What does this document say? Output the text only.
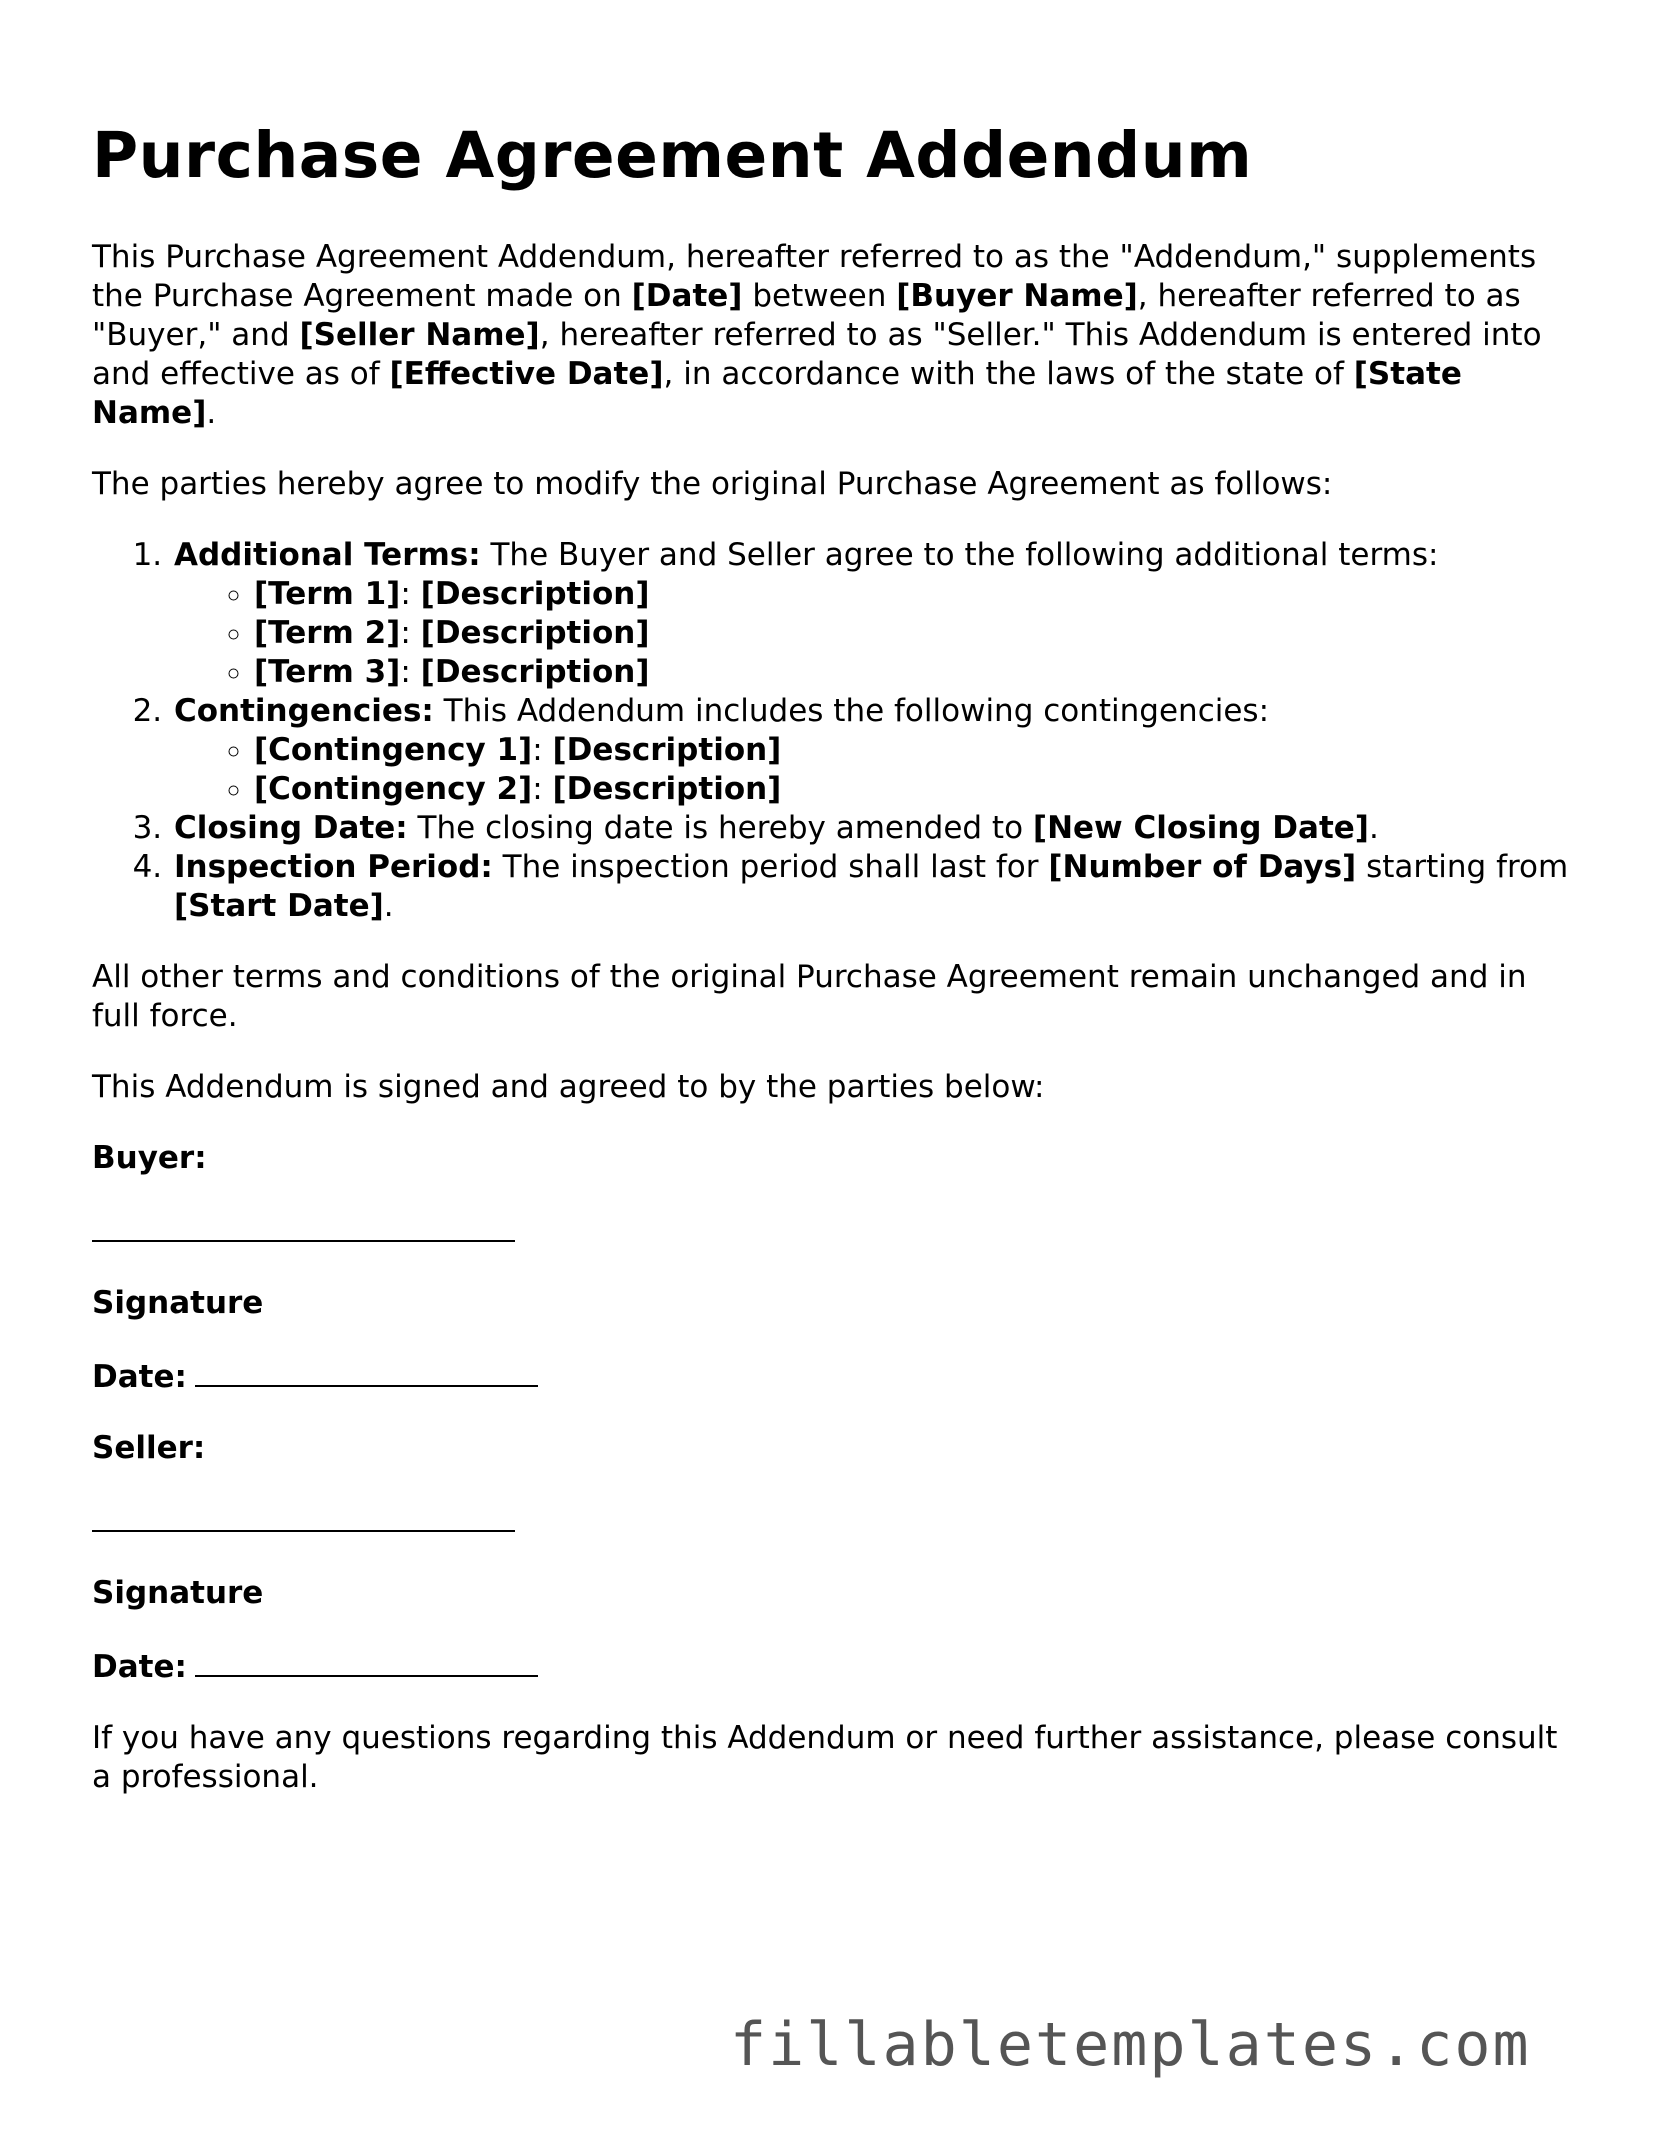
Purchase Agreement Addendum

This Purchase Agreement Addendum, hereafter referred to as the "Addendum," supplements the Purchase Agreement made on [Date] between [Buyer Name], hereafter referred to as "Buyer," and [Seller Name], hereafter referred to as "Seller." This Addendum is entered into and effective as of [Effective Date], in accordance with the laws of the state of [State Name].

The parties hereby agree to modify the original Purchase Agreement as follows:

1. Additional Terms: The Buyer and Seller agree to the following additional terms:
◦ [Term 1]: [Description]
◦ [Term 2]: [Description]
◦ [Term 3]: [Description]
2. Contingencies: This Addendum includes the following contingencies:
◦ [Contingency 1]: [Description]
◦ [Contingency 2]: [Description]
3. Closing Date: The closing date is hereby amended to [New Closing Date].
4. Inspection Period: The inspection period shall last for [Number of Days] starting from [Start Date].

All other terms and conditions of the original Purchase Agreement remain unchanged and in full force.

This Addendum is signed and agreed to by the parties below:

Buyer:

Signature

Date:

Seller:

Signature

Date:

If you have any questions regarding this Addendum or need further assistance, please consult a professional.

fillabletemplates.com
